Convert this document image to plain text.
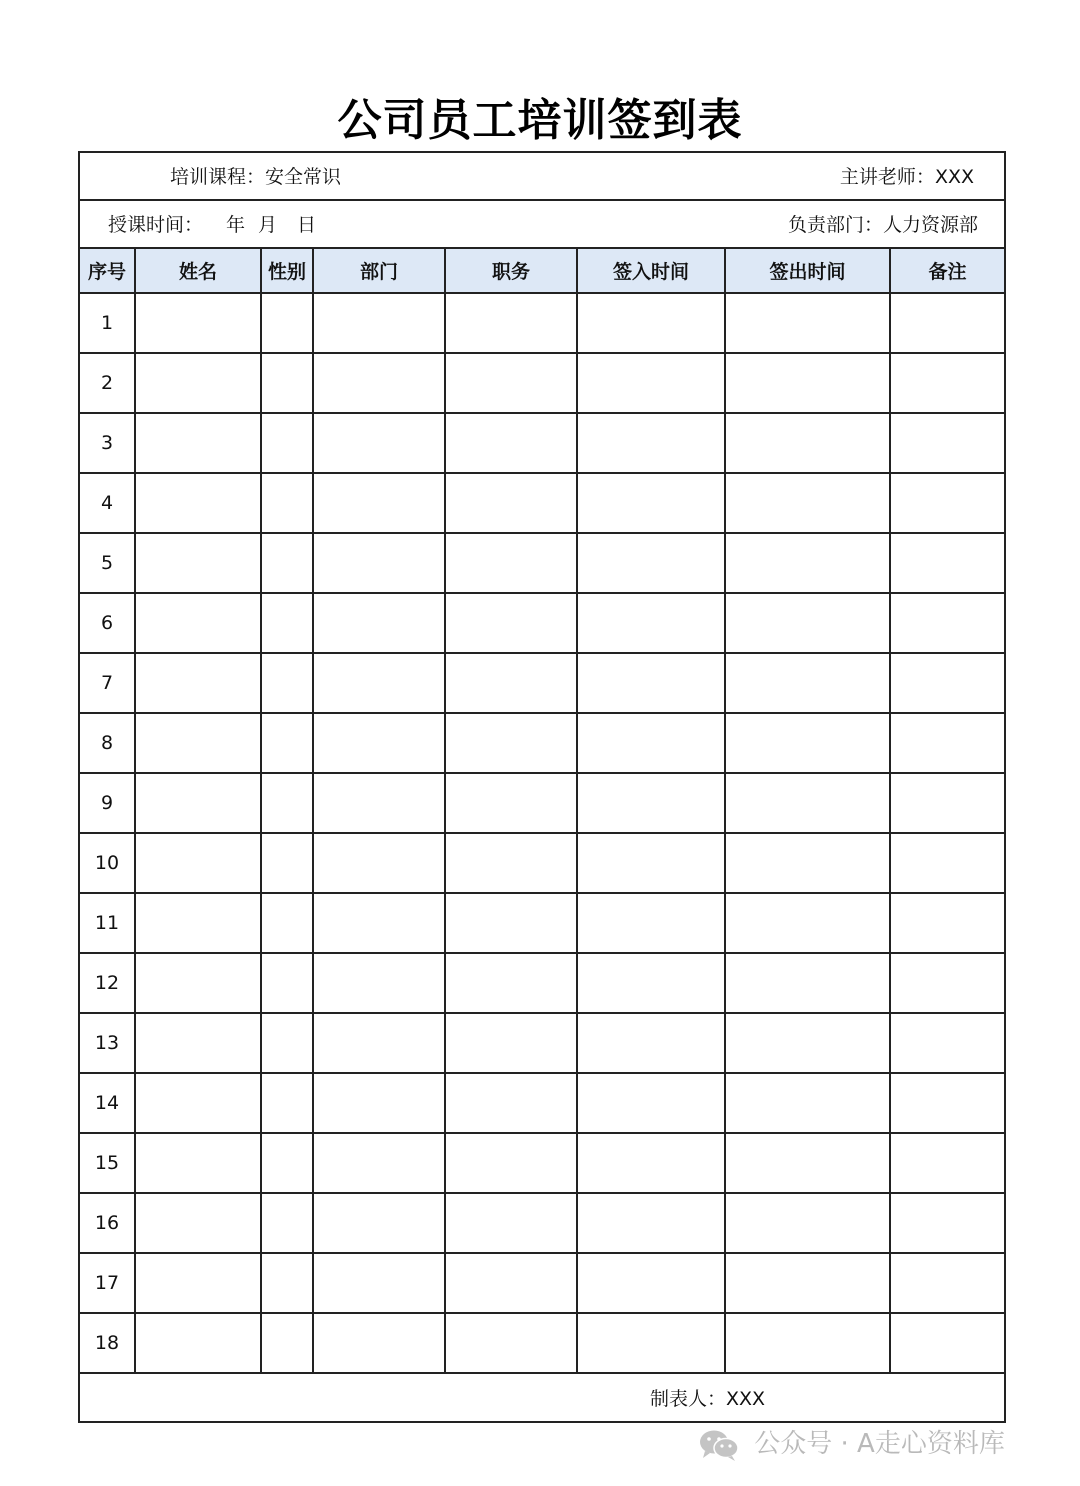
公司员工培训签到表
培训课程：安全常识	主讲老师：XXX
授课时间： 年 月 日	负责部门：人力资源部
序号	姓名	性别	部门	职务	签入时间	签出时间	备注
1							
2							
3							
4							
5							
6							
7							
8							
9							
10							
11							
12							
13							
14							
15							
16							
17							
18							
制表人：XXX
公众号 · A走心资料库
